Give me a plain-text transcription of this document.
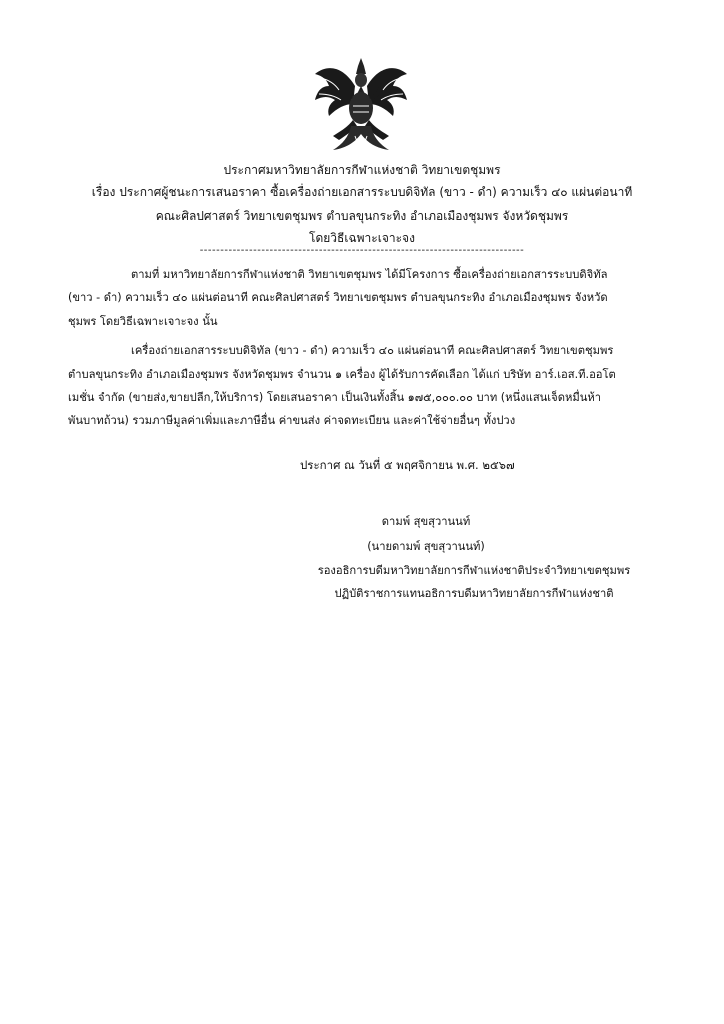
ประกาศมหาวิทยาลัยการกีฬาแห่งชาติ วิทยาเขตชุมพร
เรื่อง ประกาศผู้ชนะการเสนอราคา ซื้อเครื่องถ่ายเอกสารระบบดิจิทัล (ขาว - ดำ) ความเร็ว ๔๐ แผ่นต่อนาที
คณะศิลปศาสตร์ วิทยาเขตชุมพร ตำบลขุนกระทิง อำเภอเมืองชุมพร จังหวัดชุมพร
โดยวิธีเฉพาะเจาะจง
-------------------------------------------------------------------------------
ตามที่ มหาวิทยาลัยการกีฬาแห่งชาติ วิทยาเขตชุมพร ได้มีโครงการ ซื้อเครื่องถ่ายเอกสารระบบดิจิทัล
(ขาว - ดำ) ความเร็ว ๔๐ แผ่นต่อนาที คณะศิลปศาสตร์ วิทยาเขตชุมพร ตำบลขุนกระทิง อำเภอเมืองชุมพร จังหวัด
ชุมพร โดยวิธีเฉพาะเจาะจง นั้น
เครื่องถ่ายเอกสารระบบดิจิทัล (ขาว - ดำ) ความเร็ว ๔๐ แผ่นต่อนาที คณะศิลปศาสตร์ วิทยาเขตชุมพร
ตำบลขุนกระทิง อำเภอเมืองชุมพร จังหวัดชุมพร จำนวน ๑ เครื่อง ผู้ได้รับการคัดเลือก ได้แก่ บริษัท อาร์.เอส.ที.ออโต
เมชั่น จำกัด (ขายส่ง,ขายปลีก,ให้บริการ) โดยเสนอราคา เป็นเงินทั้งสิ้น ๑๗๕,๐๐๐.๐๐ บาท (หนึ่งแสนเจ็ดหมื่นห้า
พันบาทถ้วน) รวมภาษีมูลค่าเพิ่มและภาษีอื่น ค่าขนส่ง ค่าจดทะเบียน และค่าใช้จ่ายอื่นๆ ทั้งปวง
ประกาศ ณ วันที่ ๕ พฤศจิกายน พ.ศ. ๒๕๖๗
ดามพ์ สุขสุวานนท์
(นายดามพ์ สุขสุวานนท์)
รองอธิการบดีมหาวิทยาลัยการกีฬาแห่งชาติประจำวิทยาเขตชุมพร
ปฏิบัติราชการแทนอธิการบดีมหาวิทยาลัยการกีฬาแห่งชาติ
